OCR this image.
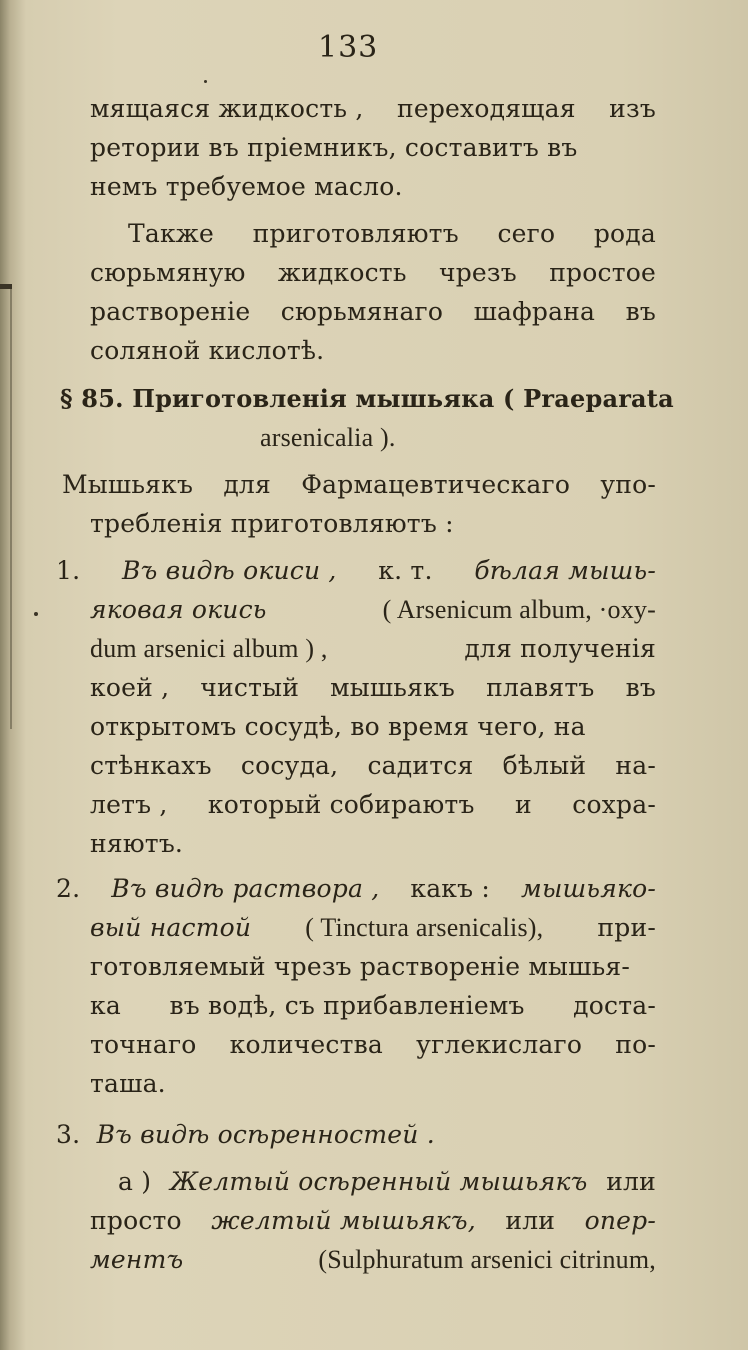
133
мящаяся жидкость , переходящая изъ
ретории въ пріемникъ, составитъ въ
немъ требуемое масло.
Также приготовляютъ сего рода
сюрьмяную жидкость чрезъ простое
раствореніе сюрьмянаго шафрана въ
соляной кислотѣ.
§ 85. Приготовленія мышьяка ( Praeparata
arsenicalia ).
Мышьякъ для Фармацевтическаго упо-
требленія приготовляютъ :
1. Въ видѣ окиси , к. т. бѣлая мышь-
яковая окись	( Arsenicum album, ·oxy-
dum arsenici album ) ,	для полученія
коей , чистый мышьякъ плавятъ въ
открытомъ сосудѣ, во время чего, на
стѣнкахъ сосуда, садится бѣлый на-
летъ , который собираютъ и сохра-
няютъ.
2. Въ видѣ раствора , какъ : мышьяко-
вый настой ( Tinctura arsenicalis), при-
готовляемый чрезъ раствореніе мышья-
ка въ водѣ, съ прибавленіемъ доста-
точнаго количества углекислаго по-
таша.
3. Въ видѣ осѣренностей .
а ) Желтый осѣренный мышьякъ или
просто желтый мышьякъ, или опер-
ментъ	(Sulphuratum arsenici citrinum,
